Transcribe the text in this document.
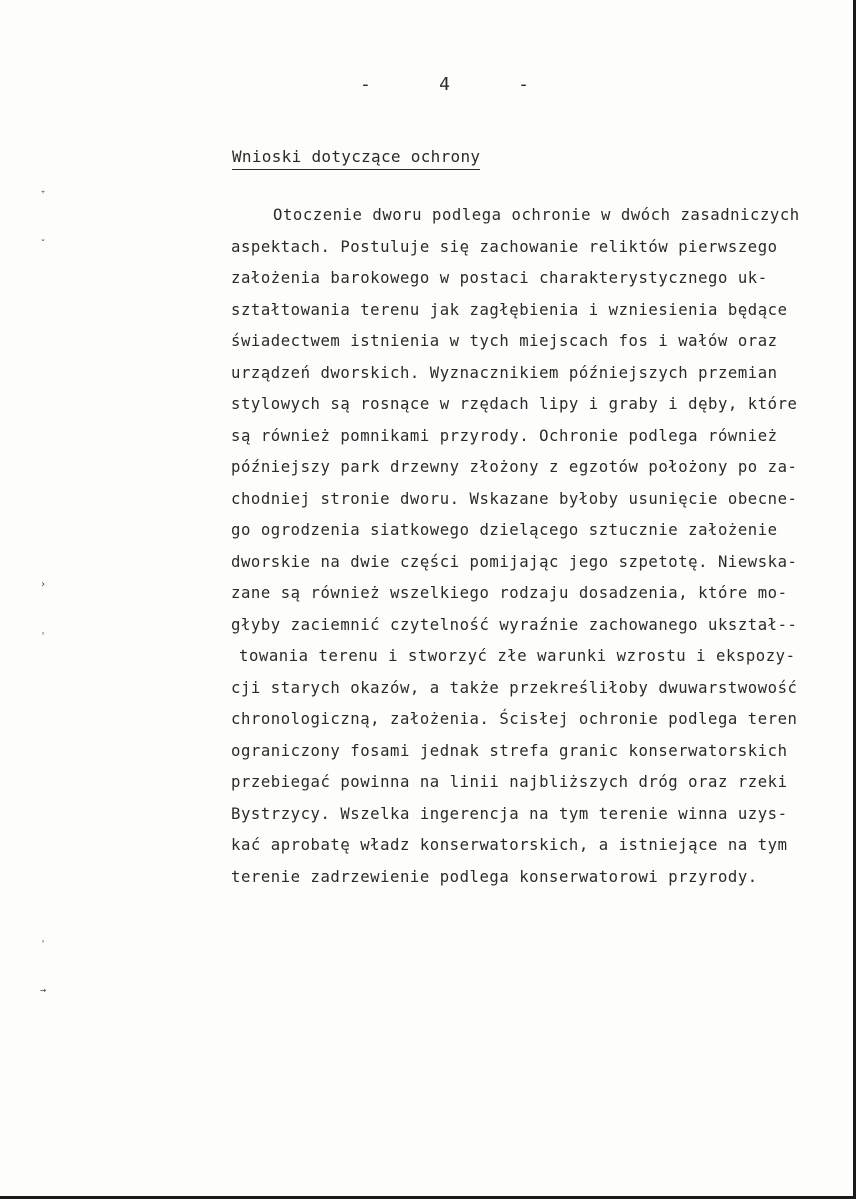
-	4	-
Wnioski dotyczące ochrony
Otoczenie dworu podlega ochronie w dwóch zasadniczych
aspektach. Postuluje się zachowanie reliktów pierwszego
założenia barokowego w postaci charakterystycznego uk-
ształtowania terenu jak zagłębienia i wzniesienia będące
świadectwem istnienia w tych miejscach fos i wałów oraz
urządzeń dworskich. Wyznacznikiem późniejszych przemian
stylowych są rosnące w rzędach lipy i graby i dęby, które
są również pomnikami przyrody. Ochronie podlega również
późniejszy park drzewny złożony z egzotów położony po za-
chodniej stronie dworu. Wskazane byłoby usunięcie obecne-
go ogrodzenia siatkowego dzielącego sztucznie założenie
dworskie na dwie części pomijając jego szpetotę. Niewska-
zane są również wszelkiego rodzaju dosadzenia, które mo-
głyby zaciemnić czytelność wyraźnie zachowanego ukształ--
towania terenu i stworzyć złe warunki wzrostu i ekspozy-
cji starych okazów, a także przekreśliłoby dwuwarstwowość
chronologiczną, założenia. Ścisłej ochronie podlega teren
ograniczony fosami jednak strefa granic konserwatorskich
przebiegać powinna na linii najbliższych dróg oraz rzeki
Bystrzycy. Wszelka ingerencja na tym terenie winna uzys-
kać aprobatę władz konserwatorskich, a istniejące na tym
terenie zadrzewienie podlega konserwatorowi przyrody.
⁺
ˇ
›
˒
˒
→
